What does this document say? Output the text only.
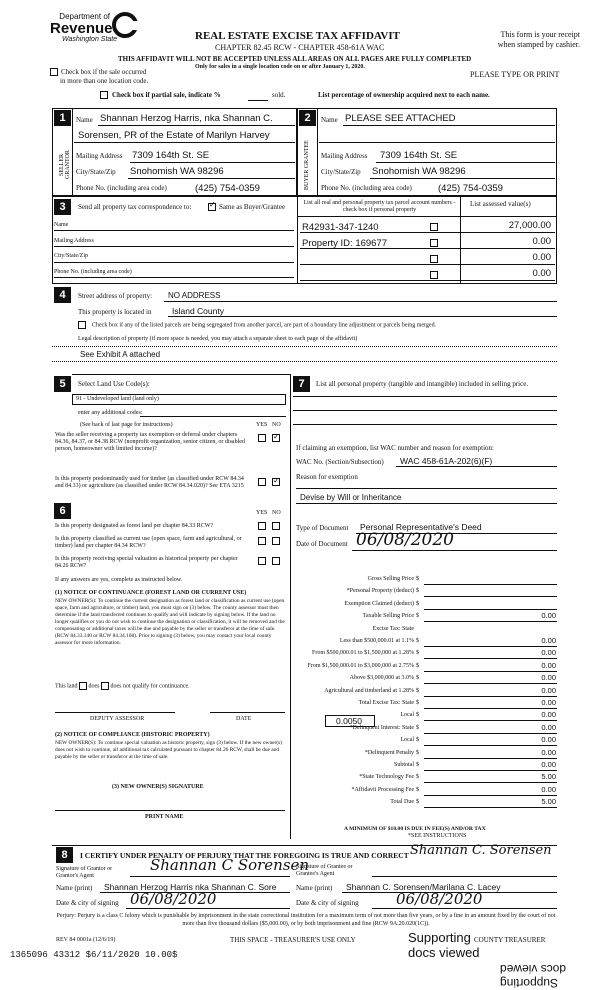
Department of
Revenue
Washington State	REAL ESTATE EXCISE TAX AFFIDAVIT
CHAPTER 82.45 RCW - CHAPTER 458-61A WAC
This form is your receipt
when stamped by cashier.
THIS AFFIDAVIT WILL NOT BE ACCEPTED UNLESS ALL AREAS ON ALL PAGES ARE FULLY COMPLETED
Only for sales in a single location code on or after January 1, 2020.
Check box if the sale occurred
in more than one location code.
PLEASE TYPE OR PRINT
Check box if partial sale, indicate %	sold.	List percentage of ownership acquired next to each name.
1	2
SELLER GRANTOR	BUYER GRANTEE
Name Shannan Herzog Harris, nka Shannan C.
Sorensen, PR of the Estate of Marilyn Harvey
Mailing Address 7309 164th St. SE
City/State/Zip Snohomish WA 98296
Phone No. (including area code)	(425) 754-0359
Name PLEASE SEE ATTACHED
Mailing Address 7309 164th St. SE
City/State/Zip Snohomish WA 98296
Phone No. (including area code)	(425) 754-0359
3	Send all property tax correspondence to: ✓ Same as Buyer/Grantee	List all real and personal property tax parcel account numbers - check box if personal property
List assessed value(s)
Name
Mailing Address
City/State/Zip
Phone No. (including area code)
R42931-347-1240	27,000.00
Property ID: 169677	0.00
0.00
0.00
4	Street address of property: NO ADDRESS
This property is located in Island County
Check box if any of the listed parcels are being segregated from another parcel, are part of a boundary line adjustment or parcels being merged.
Legal description of property (if more space is needed, you may attach a separate sheet to each page of the affidavit)
See Exhibit A attached
5	Select Land Use Code(s):
91 - Undeveloped land (land only)
enter any additional codes:
(See back of last page for instructions)	YES NO
Was the seller receiving a property tax exemption or deferral under chapters 84.36, 84.37, or 84.38 RCW (nonprofit organization, senior citizen, or disabled person, homeowner with limited income)?
✓
Is this property predominantly used for timber (as classified under RCW 84.34 and 84.33) or agriculture (as classified under RCW 84.34.020)? See ETA 3215
✓
7	List all personal property (tangible and intangible) included in selling price.
If claiming an exemption, list WAC number and reason for exemption:
WAC No. (Section/Subsection) WAC 458-61A-202(6)(F)
Reason for exemption
Devise by Will or Inheritance
6	YES NO
Is this property designated as forest land per chapter 84.33 RCW?
Is this property classified as current use (open space, farm and agricultural, or timber) land per chapter 84.34 RCW?
Is this property receiving special valuation as historical property per chapter 84.26 RCW?
If any answers are yes, complete as instructed below.
(1) NOTICE OF CONTINUANCE (FOREST LAND OR CURRENT USE)
NEW OWNER(S): To continue the current designation as forest land or classification as current use (open space, farm and agriculture, or timber) land, you must sign on (3) below. The county assessor must then determine if the land transferred continues to qualify and will indicate by signing below. If the land no longer qualifies or you do not wish to continue the designation or classification, it will be removed and the compensating or additional taxes will be due and payable by the seller or transferor at the time of sale. (RCW 84.33.140 or RCW 84.34.108). Prior to signing (3) below, you may contact your local county assessor for more information.
This land does does not qualify for continuance.
DEPUTY ASSESSOR	DATE
(2) NOTICE OF COMPLIANCE (HISTORIC PROPERTY)
NEW OWNER(S): To continue special valuation as historic property, sign (3) below. If the new owner(s) does not wish to continue, all additional tax calculated pursuant to chapter 84.26 RCW, shall be due and payable by the seller or transferor at the time of sale.
(3) NEW OWNER(S) SIGNATURE
PRINT NAME
Type of Document Personal Representative's Deed
Date of Document 06/08/2020
Gross Selling Price $
*Personal Property (deduct) $
Exemption Claimed (deduct) $
Taxable Selling Price $	0.00
Excise Tax: State
Less than $500,000.01 at 1.1% $	0.00
From $500,000.01 to $1,500,000 at 1.28% $	0.00
From $1,500,000.01 to $3,000,000 at 2.75% $	0.00
Above $3,000,000 at 3.0% $	0.00
Agricultural and timberland at 1.28% $	0.00
Total Excise Tax: State $	0.00
Local $	0.00
*Delinquent Interest: State $	0.00
Local $	0.00
*Delinquent Penalty $	0.00
Subtotal $	0.00
*State Technology Fee $	5.00
*Affidavit Processing Fee $	0.00
Total Due $	5.00
0.0050
A MINIMUM OF $10.00 IS DUE IN FEE(S) AND/OR TAX
*SEE INSTRUCTIONS
8	I CERTIFY UNDER PENALTY OF PERJURY THAT THE FOREGOING IS TRUE AND CORRECT
Signature of Grantor or Grantor's Agent
Shannan C Sorensen
Signature of Grantee or Grantee's Agent
Shannan C. Sorensen
Name (print) Shannan Herzog Harris nka Shannan C. Sore	Name (print) Shannan C. Sorensen/Marilana C. Lacey
Date & city of signing 06/08/2020	Date & city of signing 06/08/2020
Perjury: Perjury is a class C felony which is punishable by imprisonment in the state correctional institution for a maximum term of not more than five years, or by a fine in an amount fixed by the court of not more than five thousand dollars ($5,000.00), or by both imprisonment and fine (RCW 9A.20.020(1C)).
REV 84 0001a (12/6/19)	THIS SPACE - TREASURER'S USE ONLY	COUNTY TREASURER
Supporting
docs viewed
docs viewed
Supporting
1365096 43312 $6/11/2020 10.00$
